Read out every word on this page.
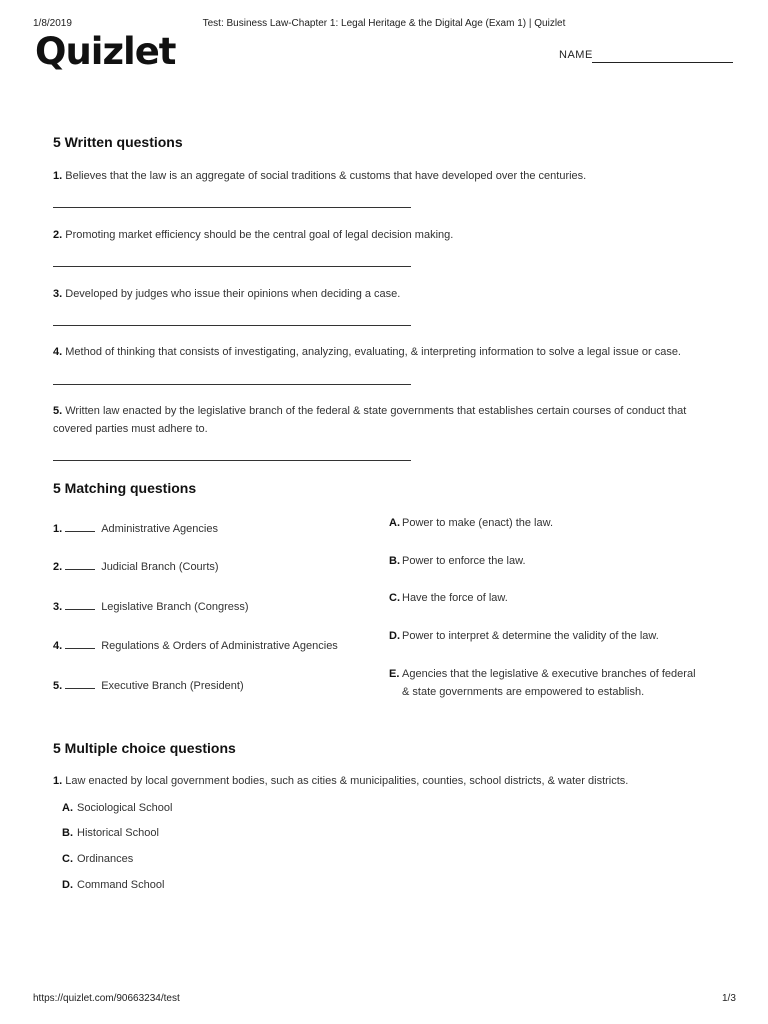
1/8/2019	Test: Business Law-Chapter 1: Legal Heritage & the Digital Age (Exam 1) | Quizlet
Quizlet	NAME
5 Written questions
1. Believes that the law is an aggregate of social traditions & customs that have developed over the centuries.
2. Promoting market efficiency should be the central goal of legal decision making.
3. Developed by judges who issue their opinions when deciding a case.
4. Method of thinking that consists of investigating, analyzing, evaluating, & interpreting information to solve a legal issue or case.
5. Written law enacted by the legislative branch of the federal & state governments that establishes certain courses of conduct that covered parties must adhere to.
5 Matching questions
1.	Administrative Agencies
2.	Judicial Branch (Courts)
3.	Legislative Branch (Congress)
4.	Regulations & Orders of Administrative Agencies
5.	Executive Branch (President)
A. Power to make (enact) the law.
B. Power to enforce the law.
C. Have the force of law.
D. Power to interpret & determine the validity of the law.
E. Agencies that the legislative & executive branches of federal
& state governments are empowered to establish.
5 Multiple choice questions
1. Law enacted by local government bodies, such as cities & municipalities, counties, school districts, & water districts.
A. Sociological School
B. Historical School
C. Ordinances
D. Command School
https://quizlet.com/90663234/test	1/3
